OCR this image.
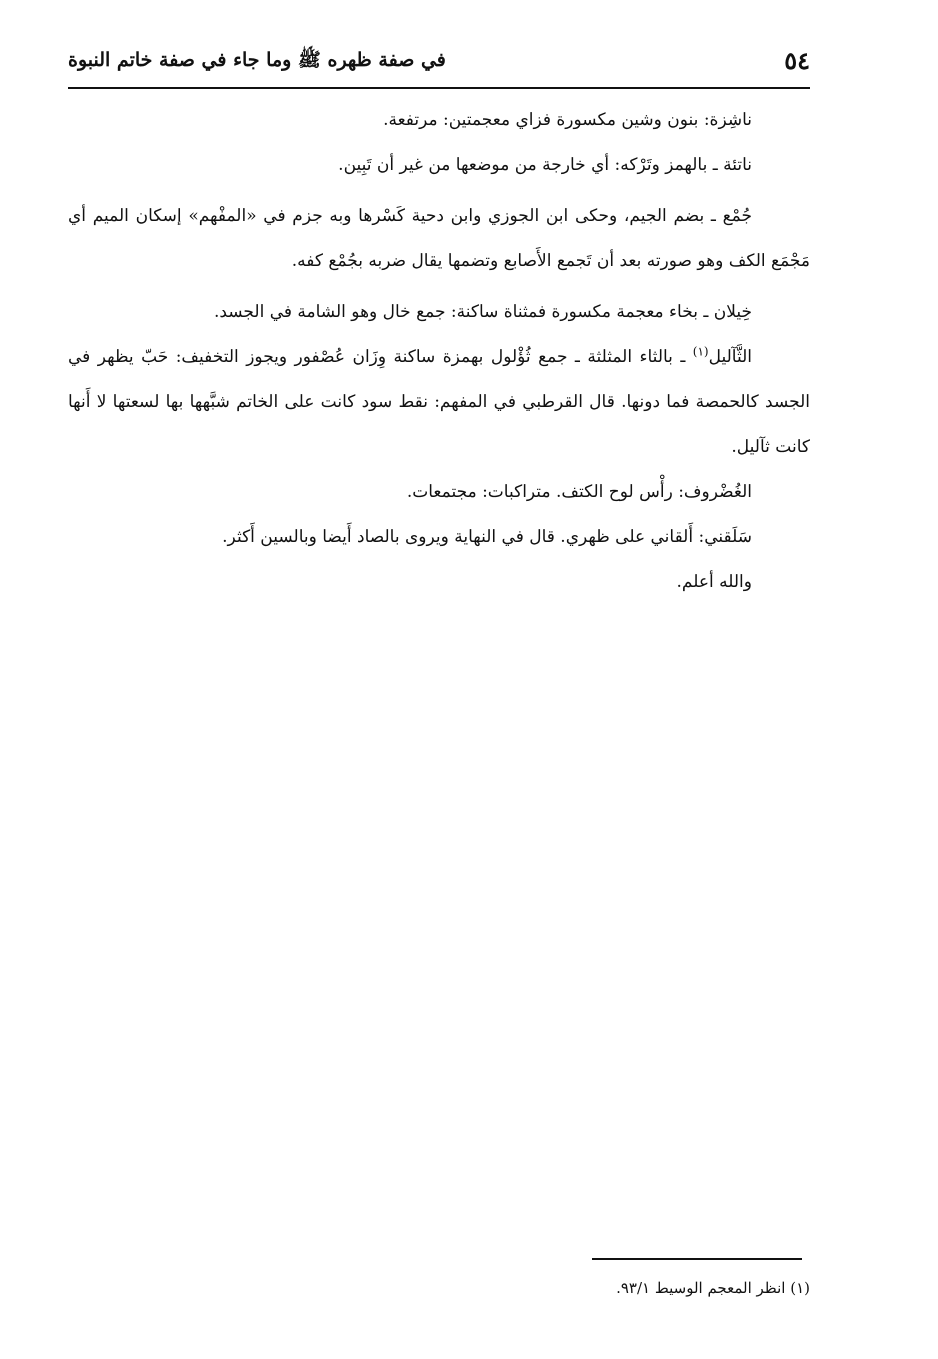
٥٤
في صفة ظهره ﷺ وما جاء في صفة خاتم النبوة

ناشِزة: بنون وشين مكسورة فزاي معجمتين: مرتفعة.

ناتئة ـ بالهمز وتَرْكه: أي خارجة من موضعها من غير أن تَبِين.

جُمْع ـ بضم الجيم، وحكى ابن الجوزي وابن دحية كَسْرها وبه جزم في «المفْهم» إسكان الميم أي مَجْمَع الكف وهو صورته بعد أن تَجمع الأَصابع وتضمها يقال ضربه بجُمْع كفه.

خِيلان ـ بخاء معجمة مكسورة فمثناة ساكنة: جمع خال وهو الشامة في الجسد.

الثَّآليل$^{(١)}$ ـ بالثاء المثلثة ـ جمع ثُؤْلول بهمزة ساكنة وِزَان عُصْفور ويجوز التخفيف: حَبّ يظهر في الجسد كالحمصة فما دونها. قال القرطبي في المفهم: نقط سود كانت على الخاتم شبَّهها بها لسعتها لا أَنها كانت ثآليل.

الغُضْروف: رأْس لوح الكتف. متراكبات: مجتمعات.

سَلَقني: أَلقاني على ظهري. قال في النهاية ويروى بالصاد أَيضا وبالسين أَكثر.

والله أعلم.

(١) انظر المعجم الوسيط ٩٣/١.
